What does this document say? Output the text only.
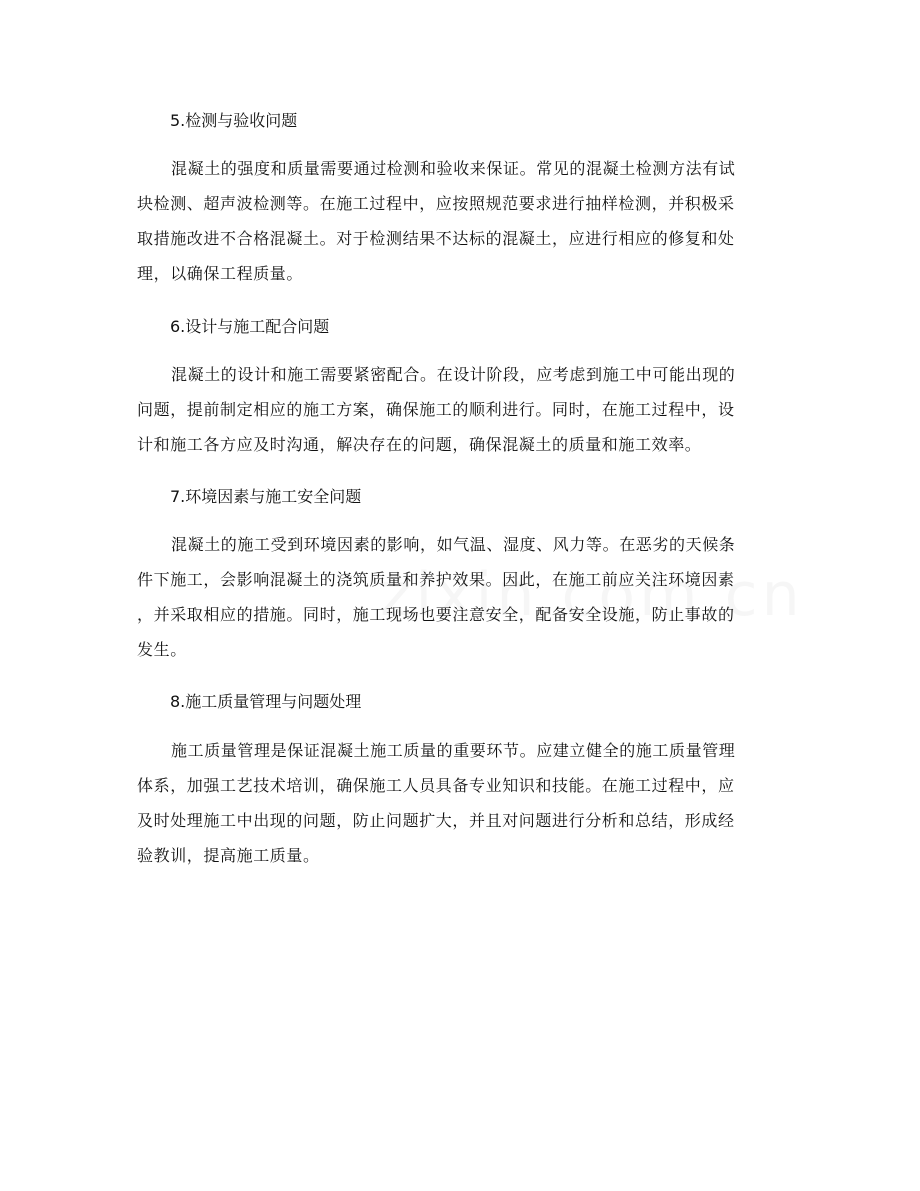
5.检测与验收问题
混凝土的强度和质量需要通过检测和验收来保证。常见的混凝土检测方法有试
块检测、超声波检测等。在施工过程中，应按照规范要求进行抽样检测，并积极采
取措施改进不合格混凝土。对于检测结果不达标的混凝土，应进行相应的修复和处
理，以确保工程质量。
6.设计与施工配合问题
混凝土的设计和施工需要紧密配合。在设计阶段，应考虑到施工中可能出现的
问题，提前制定相应的施工方案，确保施工的顺利进行。同时，在施工过程中，设
计和施工各方应及时沟通，解决存在的问题，确保混凝土的质量和施工效率。
7.环境因素与施工安全问题
混凝土的施工受到环境因素的影响，如气温、湿度、风力等。在恶劣的天候条
件下施工，会影响混凝土的浇筑质量和养护效果。因此，在施工前应关注环境因素
，并采取相应的措施。同时，施工现场也要注意安全，配备安全设施，防止事故的
发生。
8.施工质量管理与问题处理
施工质量管理是保证混凝土施工质量的重要环节。应建立健全的施工质量管理
体系，加强工艺技术培训，确保施工人员具备专业知识和技能。在施工过程中，应
及时处理施工中出现的问题，防止问题扩大，并且对问题进行分析和总结，形成经
验教训，提高施工质量。
